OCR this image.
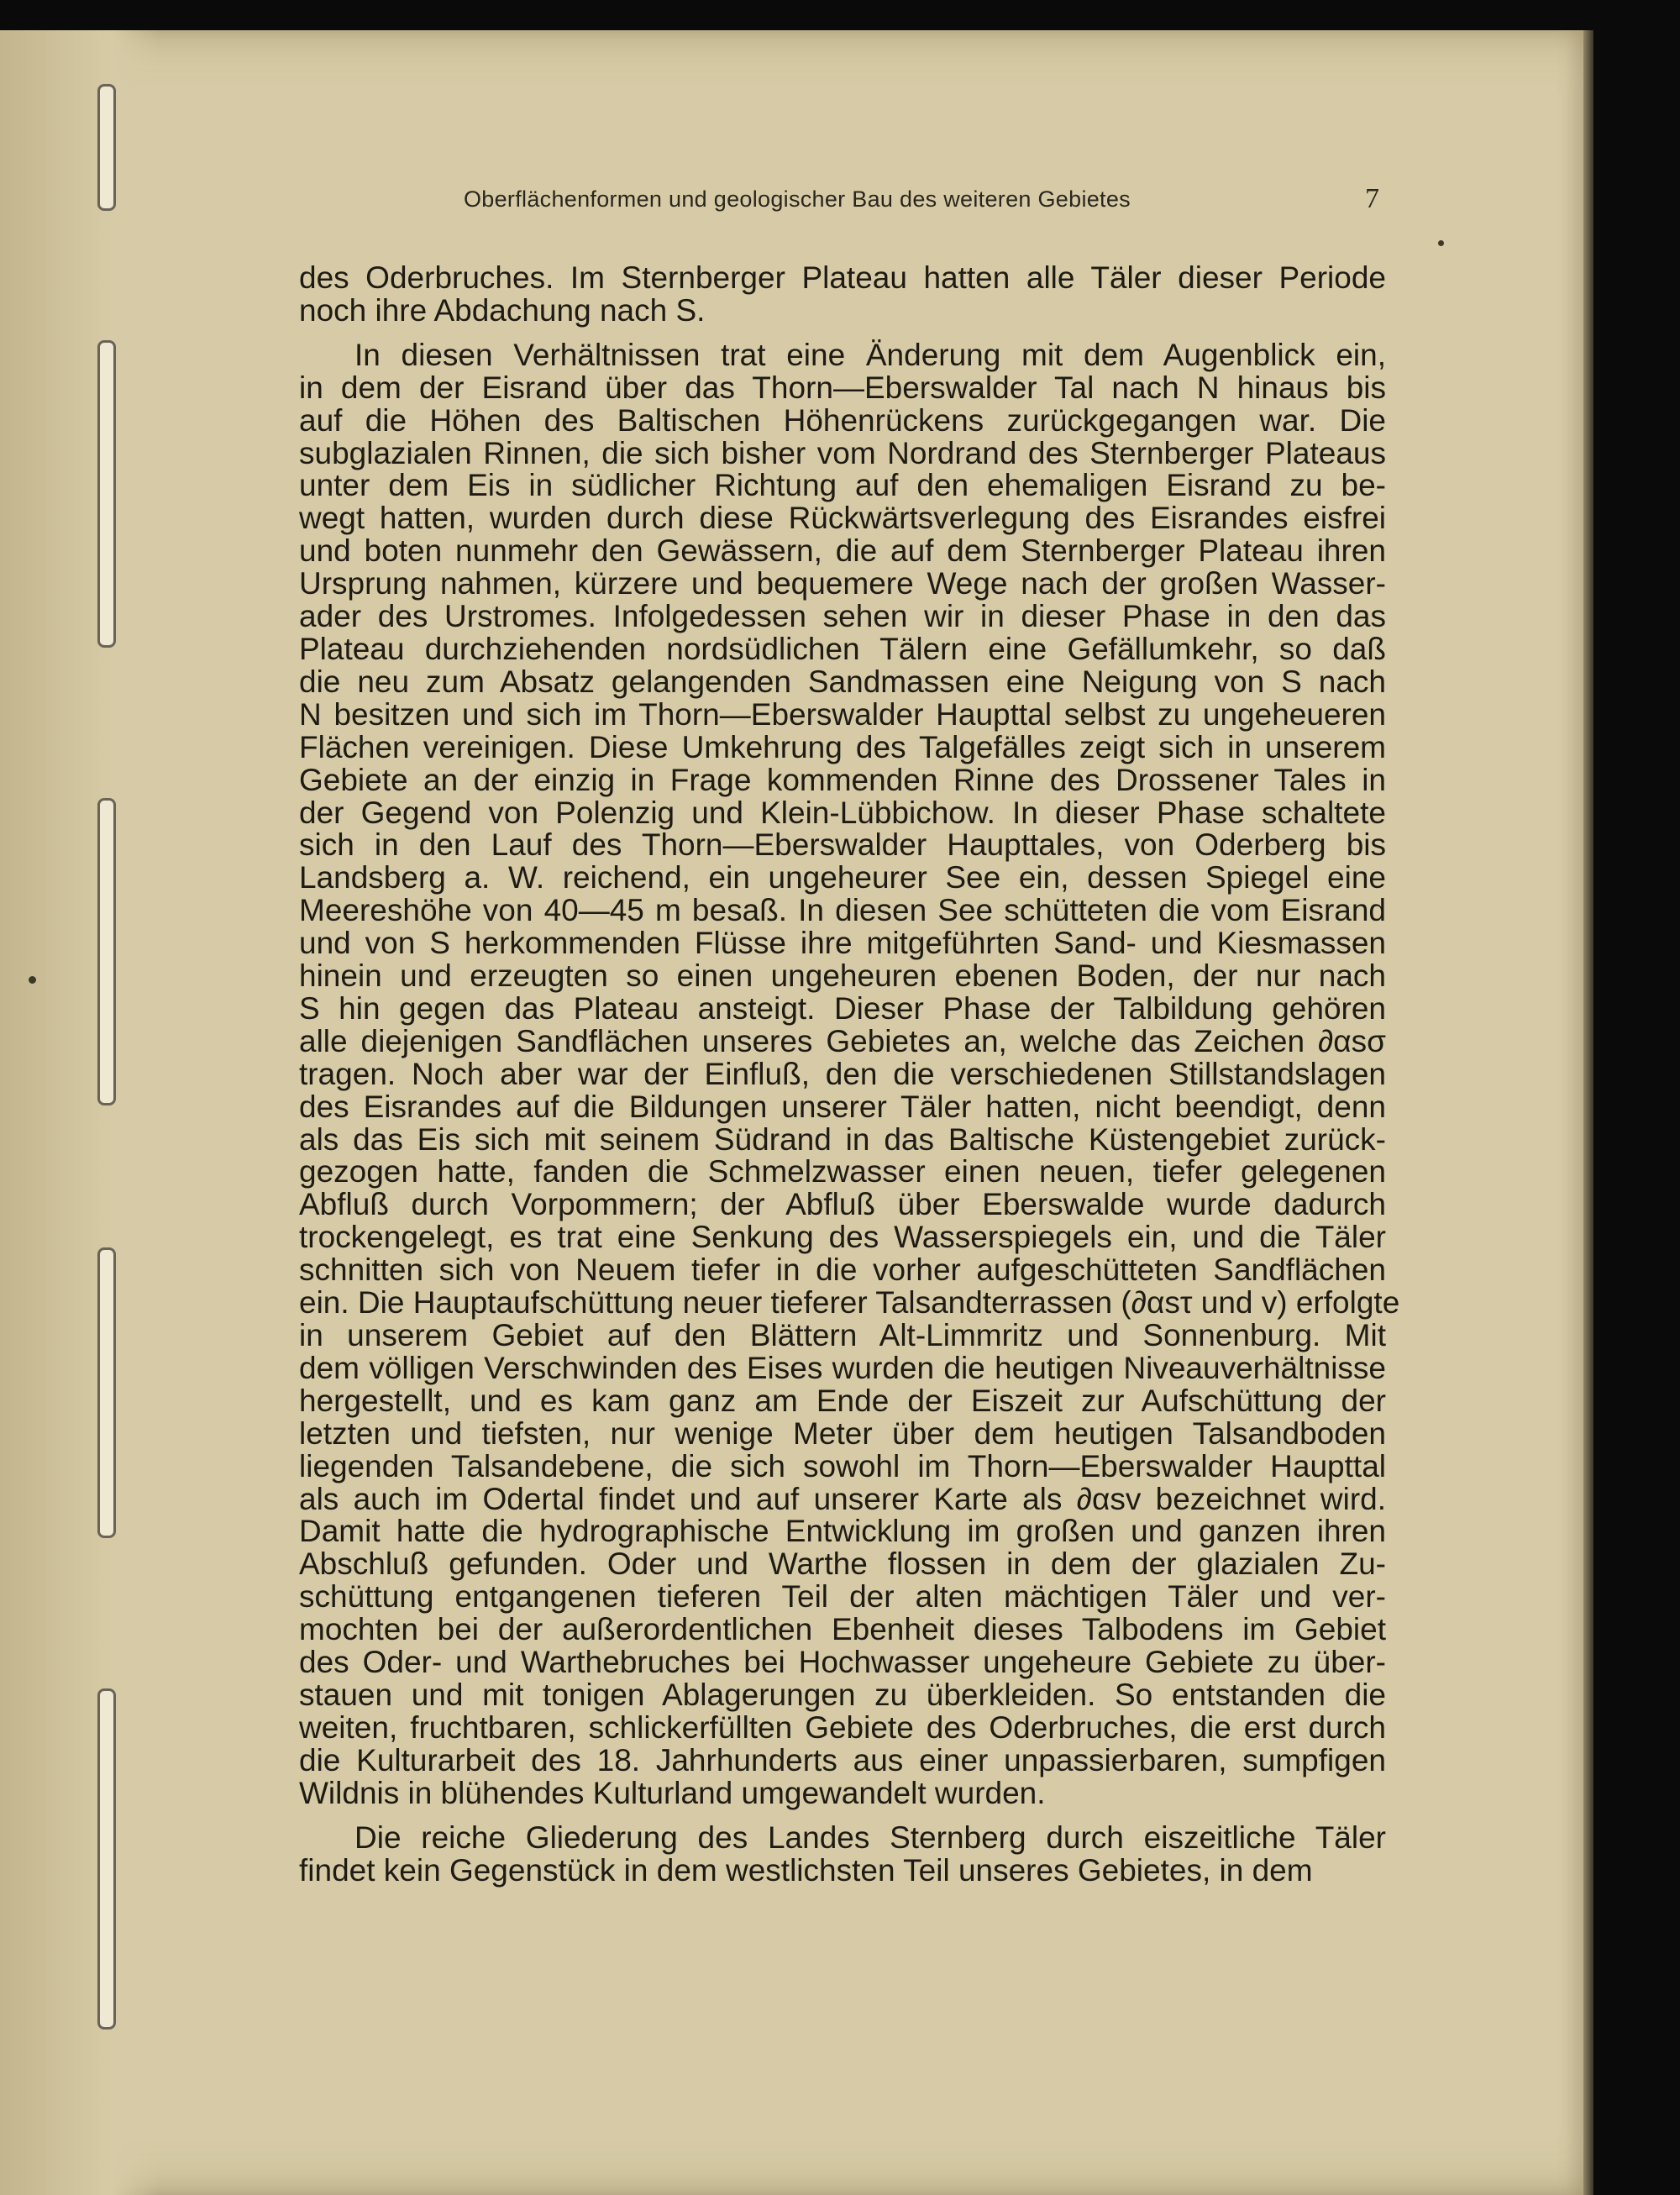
Oberflächenformen und geologischer Bau des weiteren Gebietes	7
des Oderbruches. Im Sternberger Plateau hatten alle Täler dieser Periode
noch ihre Abdachung nach S.
In diesen Verhältnissen trat eine Änderung mit dem Augenblick ein,
in dem der Eisrand über das Thorn—Eberswalder Tal nach N hinaus bis
auf die Höhen des Baltischen Höhenrückens zurückgegangen war. Die
subglazialen Rinnen, die sich bisher vom Nordrand des Sternberger Plateaus
unter dem Eis in südlicher Richtung auf den ehemaligen Eisrand zu be-
wegt hatten, wurden durch diese Rückwärtsverlegung des Eisrandes eisfrei
und boten nunmehr den Gewässern, die auf dem Sternberger Plateau ihren
Ursprung nahmen, kürzere und bequemere Wege nach der großen Wasser-
ader des Urstromes. Infolgedessen sehen wir in dieser Phase in den das
Plateau durchziehenden nordsüdlichen Tälern eine Gefällumkehr, so daß
die neu zum Absatz gelangenden Sandmassen eine Neigung von S nach
N besitzen und sich im Thorn—Eberswalder Haupttal selbst zu ungeheueren
Flächen vereinigen. Diese Umkehrung des Talgefälles zeigt sich in unserem
Gebiete an der einzig in Frage kommenden Rinne des Drossener Tales in
der Gegend von Polenzig und Klein-Lübbichow. In dieser Phase schaltete
sich in den Lauf des Thorn—Eberswalder Haupttales, von Oderberg bis
Landsberg a. W. reichend, ein ungeheurer See ein, dessen Spiegel eine
Meereshöhe von 40—45 m besaß. In diesen See schütteten die vom Eisrand
und von S herkommenden Flüsse ihre mitgeführten Sand- und Kiesmassen
hinein und erzeugten so einen ungeheuren ebenen Boden, der nur nach
S hin gegen das Plateau ansteigt. Dieser Phase der Talbildung gehören
alle diejenigen Sandflächen unseres Gebietes an, welche das Zeichen ∂αsσ
tragen. Noch aber war der Einfluß, den die verschiedenen Stillstandslagen
des Eisrandes auf die Bildungen unserer Täler hatten, nicht beendigt, denn
als das Eis sich mit seinem Südrand in das Baltische Küstengebiet zurück-
gezogen hatte, fanden die Schmelzwasser einen neuen, tiefer gelegenen
Abfluß durch Vorpommern; der Abfluß über Eberswalde wurde dadurch
trockengelegt, es trat eine Senkung des Wasserspiegels ein, und die Täler
schnitten sich von Neuem tiefer in die vorher aufgeschütteten Sandflächen
ein. Die Hauptaufschüttung neuer tieferer Talsandterrassen (∂αsτ und v) erfolgte
in unserem Gebiet auf den Blättern Alt-Limmritz und Sonnenburg. Mit
dem völligen Verschwinden des Eises wurden die heutigen Niveauverhältnisse
hergestellt, und es kam ganz am Ende der Eiszeit zur Aufschüttung der
letzten und tiefsten, nur wenige Meter über dem heutigen Talsandboden
liegenden Talsandebene, die sich sowohl im Thorn—Eberswalder Haupttal
als auch im Odertal findet und auf unserer Karte als ∂αsv bezeichnet wird.
Damit hatte die hydrographische Entwicklung im großen und ganzen ihren
Abschluß gefunden. Oder und Warthe flossen in dem der glazialen Zu-
schüttung entgangenen tieferen Teil der alten mächtigen Täler und ver-
mochten bei der außerordentlichen Ebenheit dieses Talbodens im Gebiet
des Oder- und Warthebruches bei Hochwasser ungeheure Gebiete zu über-
stauen und mit tonigen Ablagerungen zu überkleiden. So entstanden die
weiten, fruchtbaren, schlickerfüllten Gebiete des Oderbruches, die erst durch
die Kulturarbeit des 18. Jahrhunderts aus einer unpassierbaren, sumpfigen
Wildnis in blühendes Kulturland umgewandelt wurden.
Die reiche Gliederung des Landes Sternberg durch eiszeitliche Täler
findet kein Gegenstück in dem westlichsten Teil unseres Gebietes, in dem
